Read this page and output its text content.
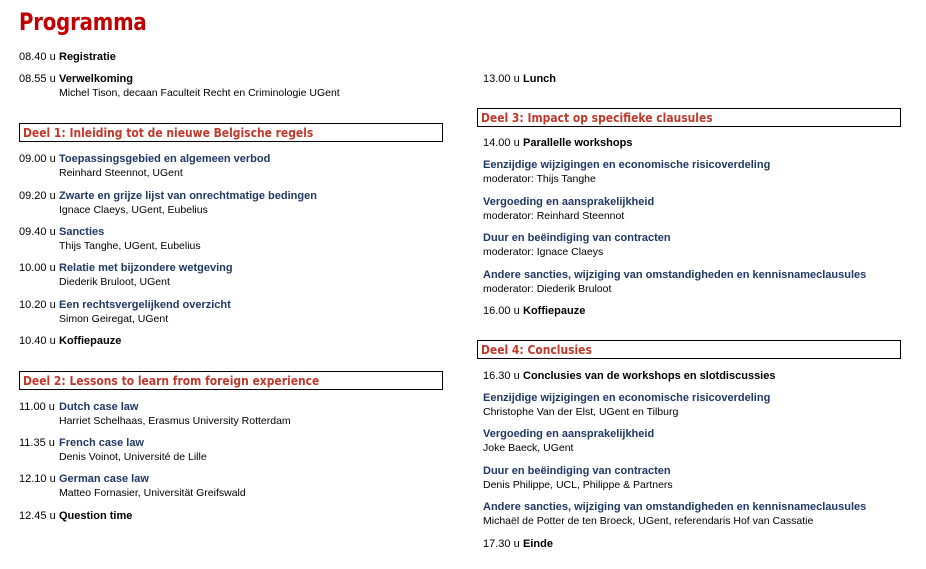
Programma
08.40 u Registratie
08.55 u Verwelkoming
Michel Tison, decaan Faculteit Recht en Criminologie UGent
Deel 1: Inleiding tot de nieuwe Belgische regels
09.00 u Toepassingsgebied en algemeen verbod
Reinhard Steennot, UGent
09.20 u Zwarte en grijze lijst van onrechtmatige bedingen
Ignace Claeys, UGent, Eubelius
09.40 u Sancties
Thijs Tanghe, UGent, Eubelius
10.00 u Relatie met bijzondere wetgeving
Diederik Bruloot, UGent
10.20 u Een rechtsvergelijkend overzicht
Simon Geiregat, UGent
10.40 u Koffiepauze
Deel 2: Lessons to learn from foreign experience
11.00 u Dutch case law
Harriet Schelhaas, Erasmus University Rotterdam
11.35 u French case law
Denis Voinot, Université de Lille
12.10 u German case law
Matteo Fornasier, Universität Greifswald
12.45 u Question time
13.00 u Lunch
Deel 3: Impact op specifieke clausules
14.00 u Parallelle workshops
Eenzijdige wijzigingen en economische risicoverdeling
moderator: Thijs Tanghe
Vergoeding en aansprakelijkheid
moderator: Reinhard Steennot
Duur en beëindiging van contracten
moderator: Ignace Claeys
Andere sancties, wijziging van omstandigheden en kennisnameclausules
moderator: Diederik Bruloot
16.00 u Koffiepauze
Deel 4: Conclusies
16.30 u Conclusies van de workshops en slotdiscussies
Eenzijdige wijzigingen en economische risicoverdeling
Christophe Van der Elst, UGent en Tilburg
Vergoeding en aansprakelijkheid
Joke Baeck, UGent
Duur en beëindiging van contracten
Denis Philippe, UCL, Philippe & Partners
Andere sancties, wijziging van omstandigheden en kennisnameclausules
Michaël de Potter de ten Broeck, UGent, referendaris Hof van Cassatie
17.30 u Einde
